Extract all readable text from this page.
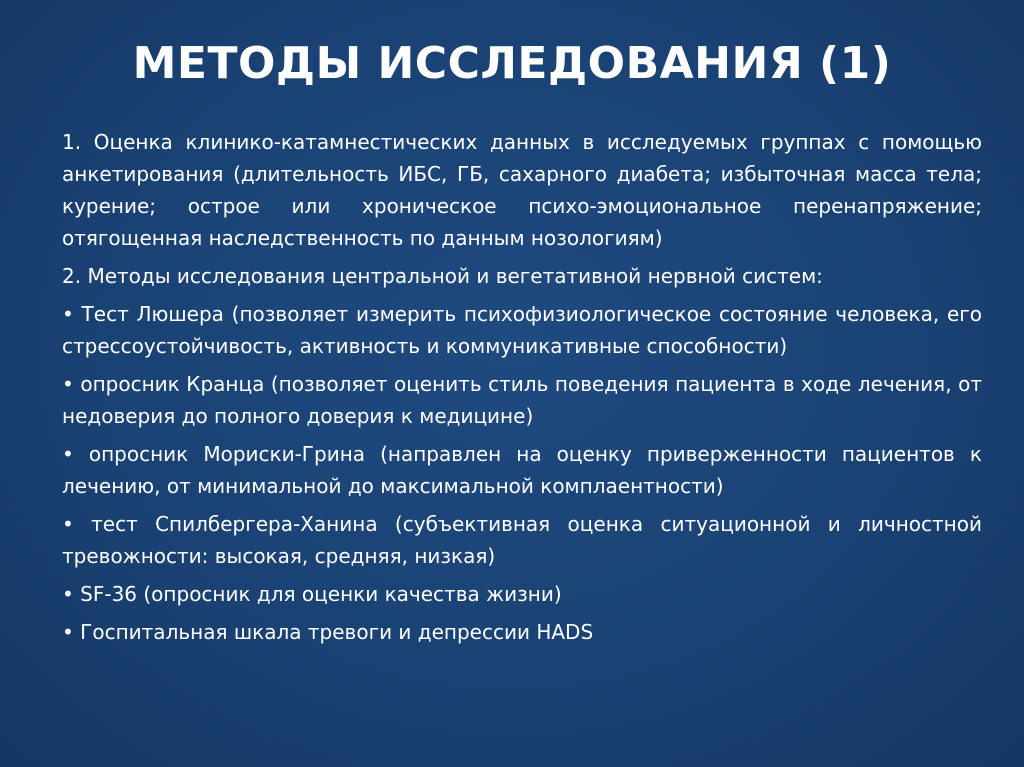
МЕТОДЫ ИССЛЕДОВАНИЯ (1)

1. Оценка клинико-катамнестических данных в исследуемых группах с помощью анкетирования (длительность ИБС, ГБ, сахарного диабета; избыточная масса тела; курение; острое или хроническое психо-эмоциональное перенапряжение; отягощенная наследственность по данным нозологиям)

2. Методы исследования центральной и вегетативной нервной систем:

• Тест Люшера (позволяет измерить психофизиологическое состояние человека, его стрессоустойчивость, активность и коммуникативные способности)

• опросник Кранца (позволяет оценить стиль поведения пациента в ходе лечения, от недоверия до полного доверия к медицине)

• опросник Мориски-Грина (направлен на оценку приверженности пациентов к лечению, от минимальной до максимальной комплаентности)

• тест Спилбергера-Ханина (субъективная оценка ситуационной и личностной тревожности: высокая, средняя, низкая)

• SF-36 (опросник для оценки качества жизни)

• Госпитальная шкала тревоги и депрессии HADS
